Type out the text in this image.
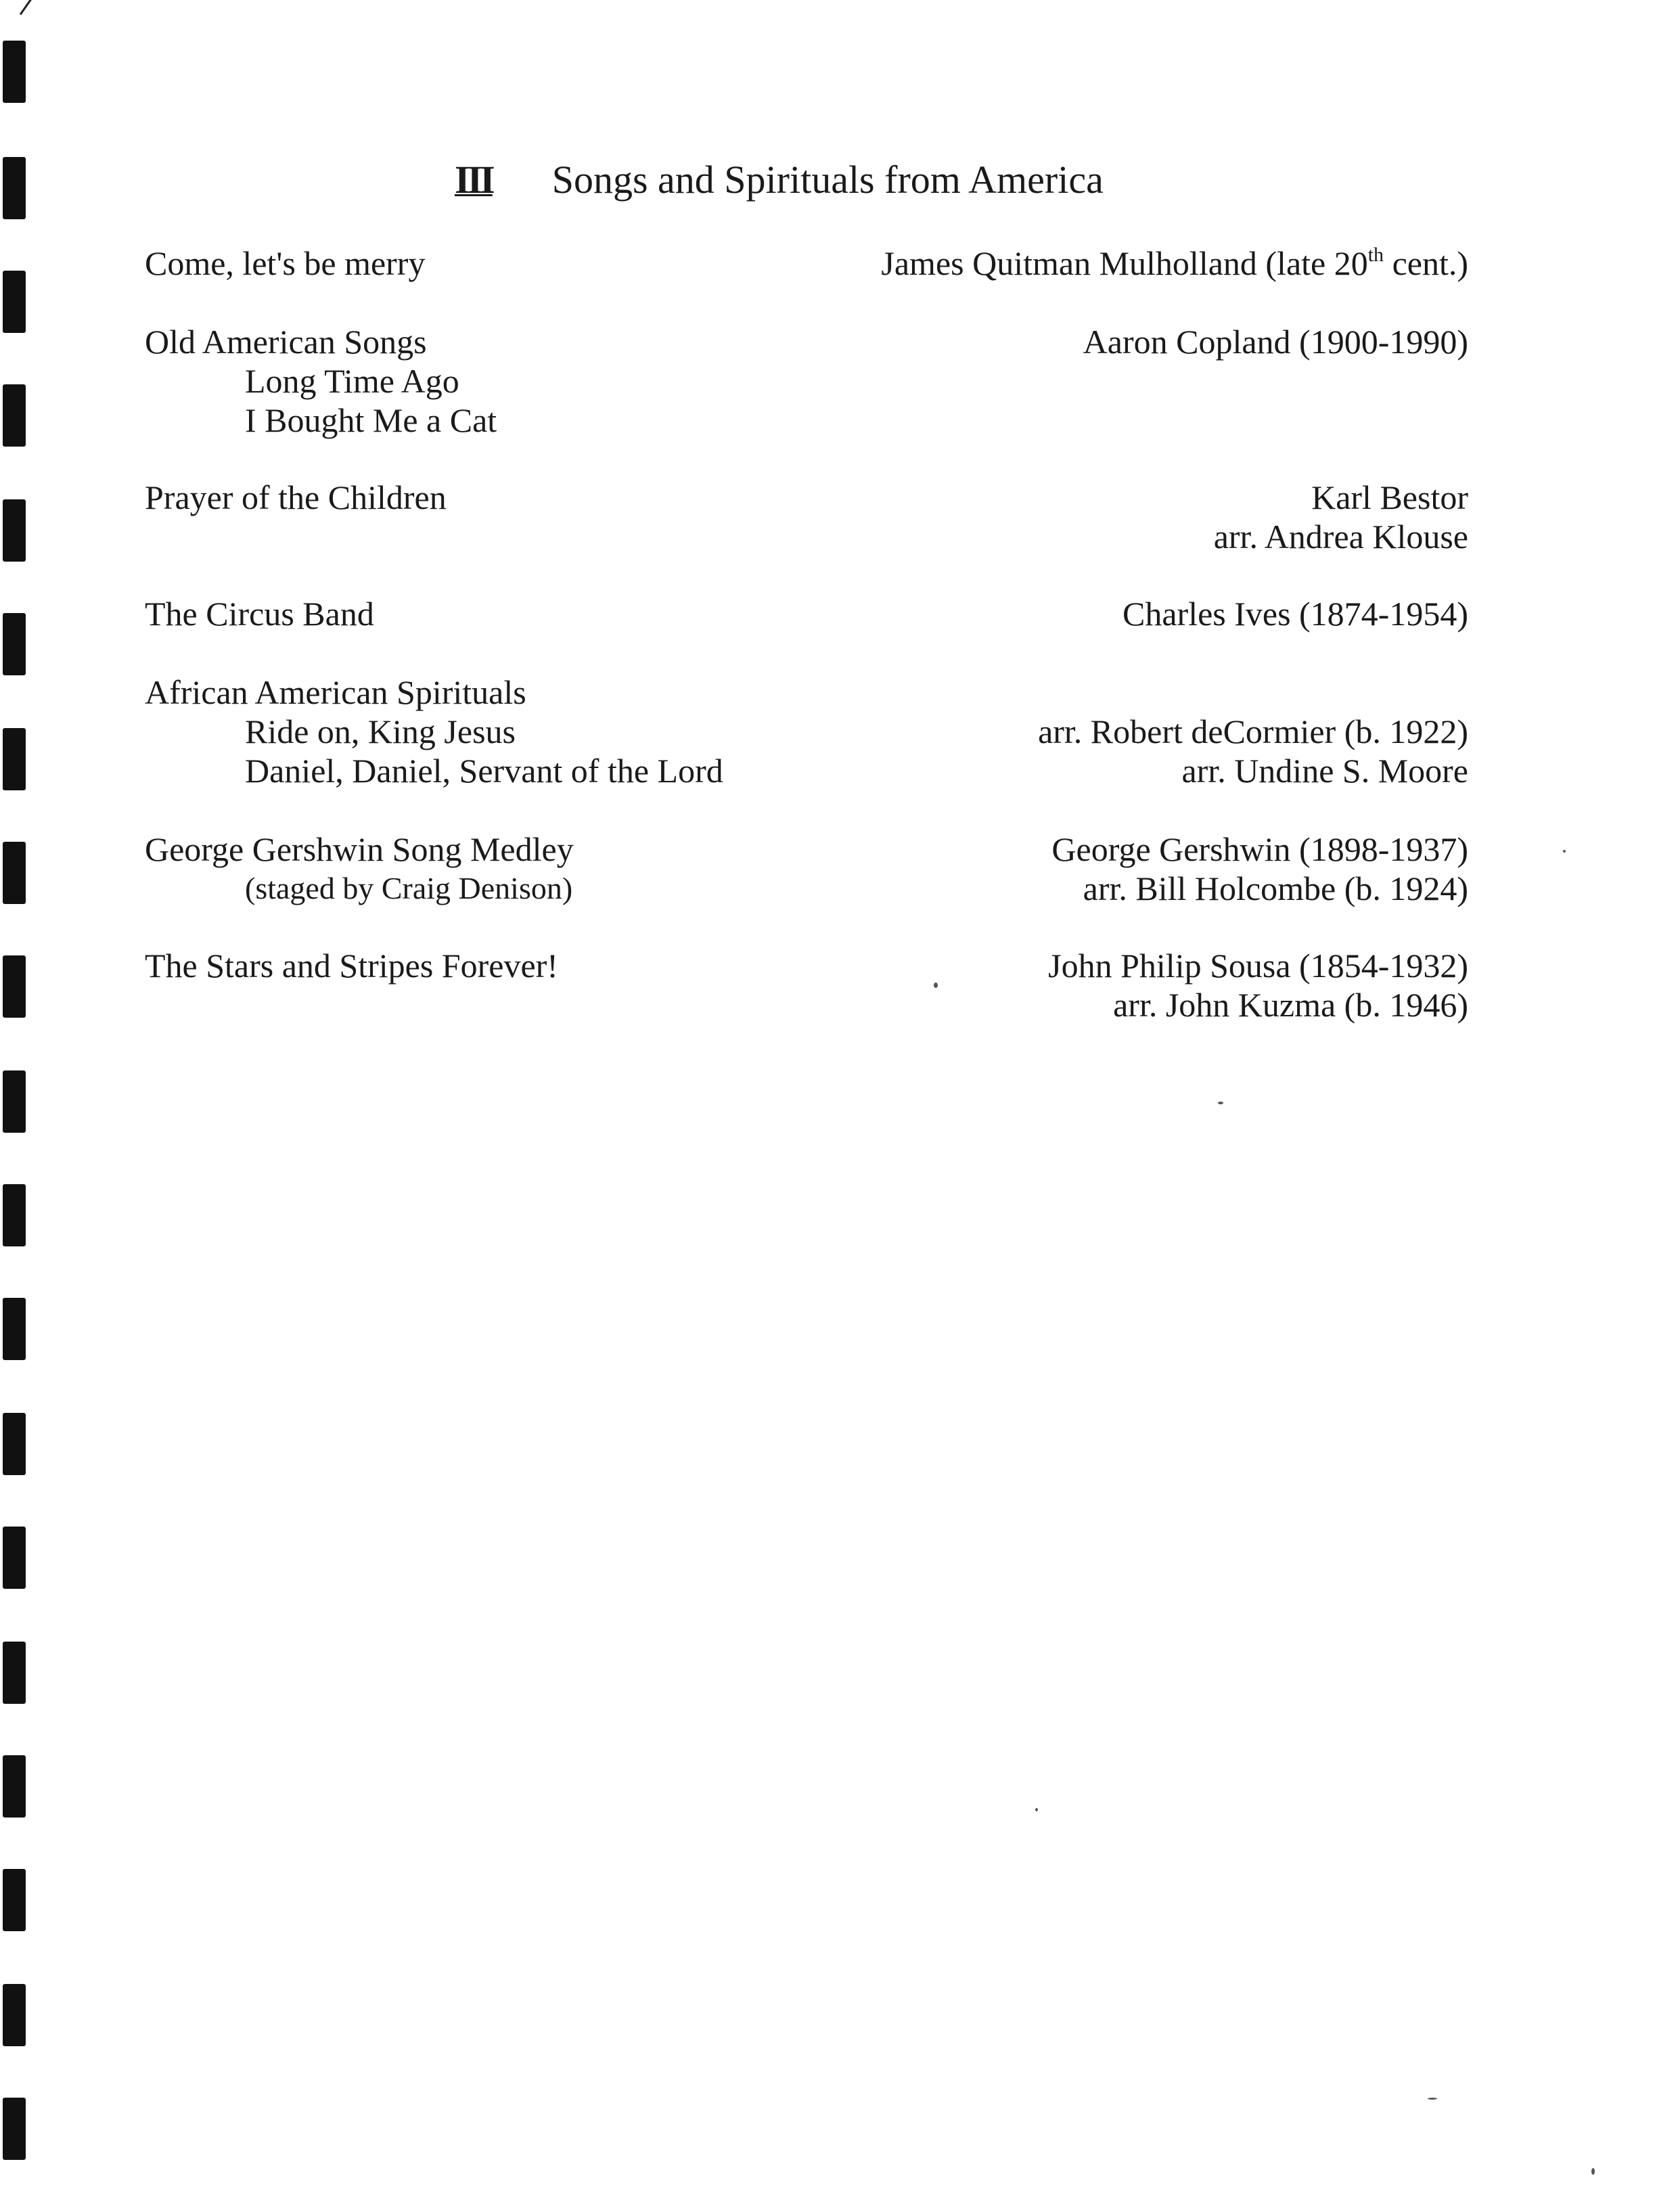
III Songs and Spirituals from America
Come, let's be merry	James Quitman Mulholland (late 20th cent.)
Old American Songs	Aaron Copland (1900-1990)
Long Time Ago
I Bought Me a Cat
Prayer of the Children	Karl Bestor
arr. Andrea Klouse
The Circus Band	Charles Ives (1874-1954)
African American Spirituals
Ride on, King Jesus	arr. Robert deCormier (b. 1922)
Daniel, Daniel, Servant of the Lord	arr. Undine S. Moore
George Gershwin Song Medley	George Gershwin (1898-1937)
(staged by Craig Denison)	arr. Bill Holcombe (b. 1924)
The Stars and Stripes Forever!	John Philip Sousa (1854-1932)
arr. John Kuzma (b. 1946)
